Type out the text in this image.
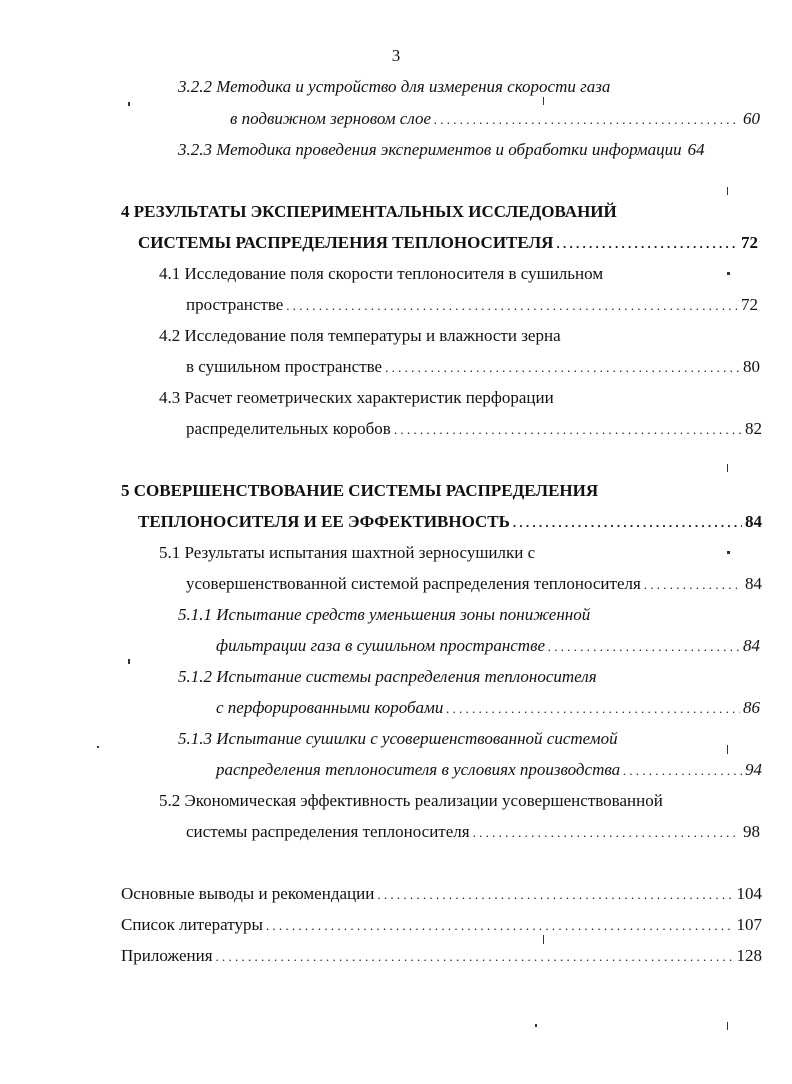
3
3.2.2 Методика и устройство для измерения скорости газа
в подвижном зерновом слое . . .	60
3.2.3 Методика проведения экспериментов и обработки информации 64
4 РЕЗУЛЬТАТЫ ЭКСПЕРИМЕНТАЛЬНЫХ ИССЛЕДОВАНИЙ
СИСТЕМЫ РАСПРЕДЕЛЕНИЯ ТЕПЛОНОСИТЕЛЯ . . .	72
4.1 Исследование поля скорости теплоносителя в сушильном
пространстве . . .	72
4.2 Исследование поля температуры и влажности зерна
в сушильном пространстве . . .	80
4.3 Расчет геометрических характеристик перфорации
распределительных коробов . . .	82
5 СОВЕРШЕНСТВОВАНИЕ СИСТЕМЫ РАСПРЕДЕЛЕНИЯ
ТЕПЛОНОСИТЕЛЯ И ЕЕ ЭФФЕКТИВНОСТЬ . . .	84
5.1 Результаты испытания шахтной зерносушилки с
усовершенствованной системой распределения теплоносителя . . .	84
5.1.1 Испытание средств уменьшения зоны пониженной
фильтрации газа в сушильном пространстве . . .	84
5.1.2 Испытание системы распределения теплоносителя
с перфорированными коробами . . .	86
5.1.3 Испытание сушилки с усовершенствованной системой
распределения теплоносителя в условиях производства . . .	94
5.2 Экономическая эффективность реализации усовершенствованной
системы распределения теплоносителя . . .	98
Основные выводы и рекомендации . . .	104
Список литературы . . .	107
Приложения . . .	128
